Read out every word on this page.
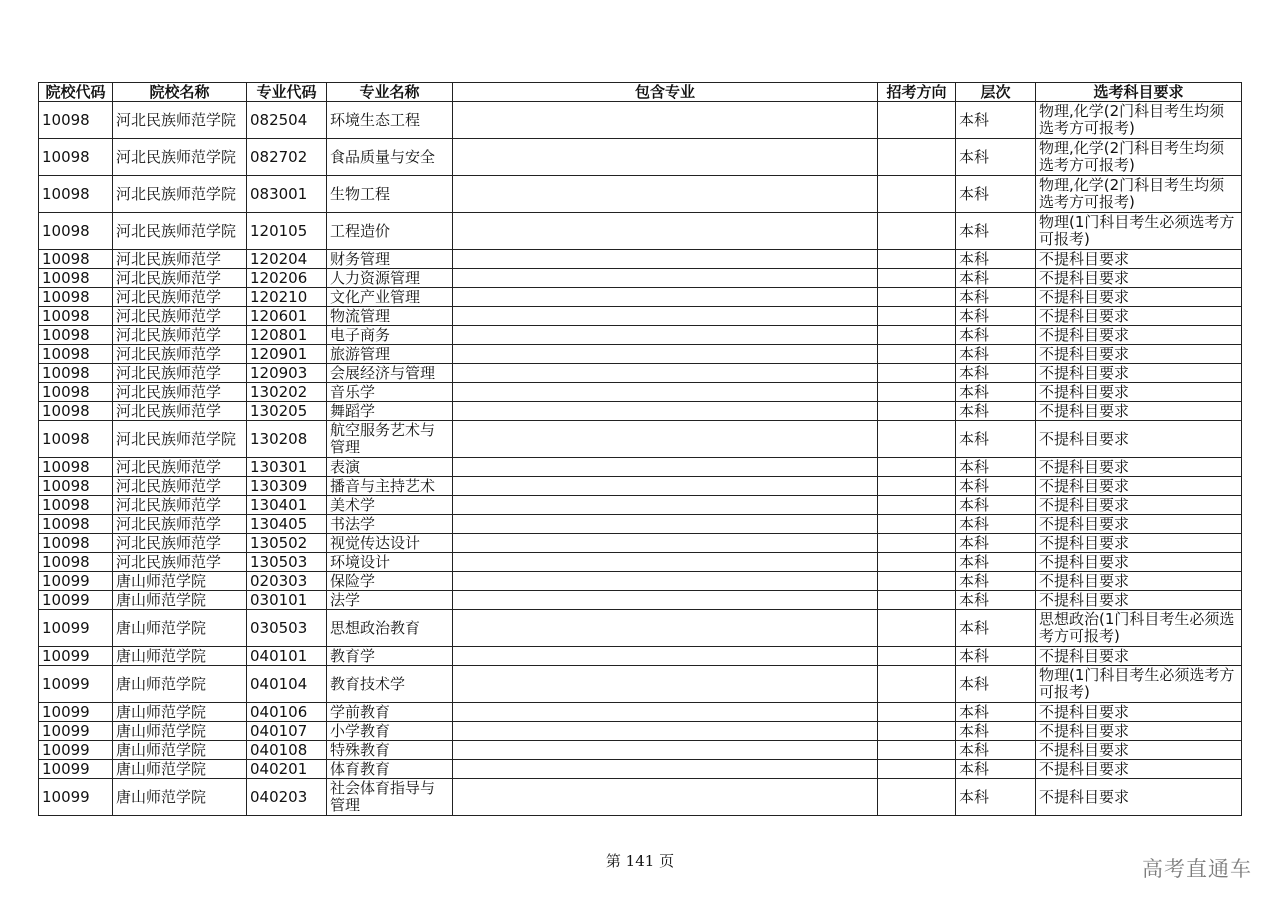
院校代码	院校名称	专业代码	专业名称	包含专业	招考方向	层次	选考科目要求
10098	河北民族师范学院	082504	环境生态工程			本科	物理,化学(2门科目考生均须选考方可报考)
10098	河北民族师范学院	082702	食品质量与安全			本科	物理,化学(2门科目考生均须选考方可报考)
10098	河北民族师范学院	083001	生物工程			本科	物理,化学(2门科目考生均须选考方可报考)
10098	河北民族师范学院	120105	工程造价			本科	物理(1门科目考生必须选考方可报考)
10098	河北民族师范学	120204	财务管理			本科	不提科目要求
10098	河北民族师范学	120206	人力资源管理			本科	不提科目要求
10098	河北民族师范学	120210	文化产业管理			本科	不提科目要求
10098	河北民族师范学	120601	物流管理			本科	不提科目要求
10098	河北民族师范学	120801	电子商务			本科	不提科目要求
10098	河北民族师范学	120901	旅游管理			本科	不提科目要求
10098	河北民族师范学	120903	会展经济与管理			本科	不提科目要求
10098	河北民族师范学	130202	音乐学			本科	不提科目要求
10098	河北民族师范学	130205	舞蹈学			本科	不提科目要求
10098	河北民族师范学院	130208	航空服务艺术与管理			本科	不提科目要求
10098	河北民族师范学	130301	表演			本科	不提科目要求
10098	河北民族师范学	130309	播音与主持艺术			本科	不提科目要求
10098	河北民族师范学	130401	美术学			本科	不提科目要求
10098	河北民族师范学	130405	书法学			本科	不提科目要求
10098	河北民族师范学	130502	视觉传达设计			本科	不提科目要求
10098	河北民族师范学	130503	环境设计			本科	不提科目要求
10099	唐山师范学院	020303	保险学			本科	不提科目要求
10099	唐山师范学院	030101	法学			本科	不提科目要求
10099	唐山师范学院	030503	思想政治教育			本科	思想政治(1门科目考生必须选考方可报考)
10099	唐山师范学院	040101	教育学			本科	不提科目要求
10099	唐山师范学院	040104	教育技术学			本科	物理(1门科目考生必须选考方可报考)
10099	唐山师范学院	040106	学前教育			本科	不提科目要求
10099	唐山师范学院	040107	小学教育			本科	不提科目要求
10099	唐山师范学院	040108	特殊教育			本科	不提科目要求
10099	唐山师范学院	040201	体育教育			本科	不提科目要求
10099	唐山师范学院	040203	社会体育指导与管理			本科	不提科目要求
第 141 页	高考直通车
